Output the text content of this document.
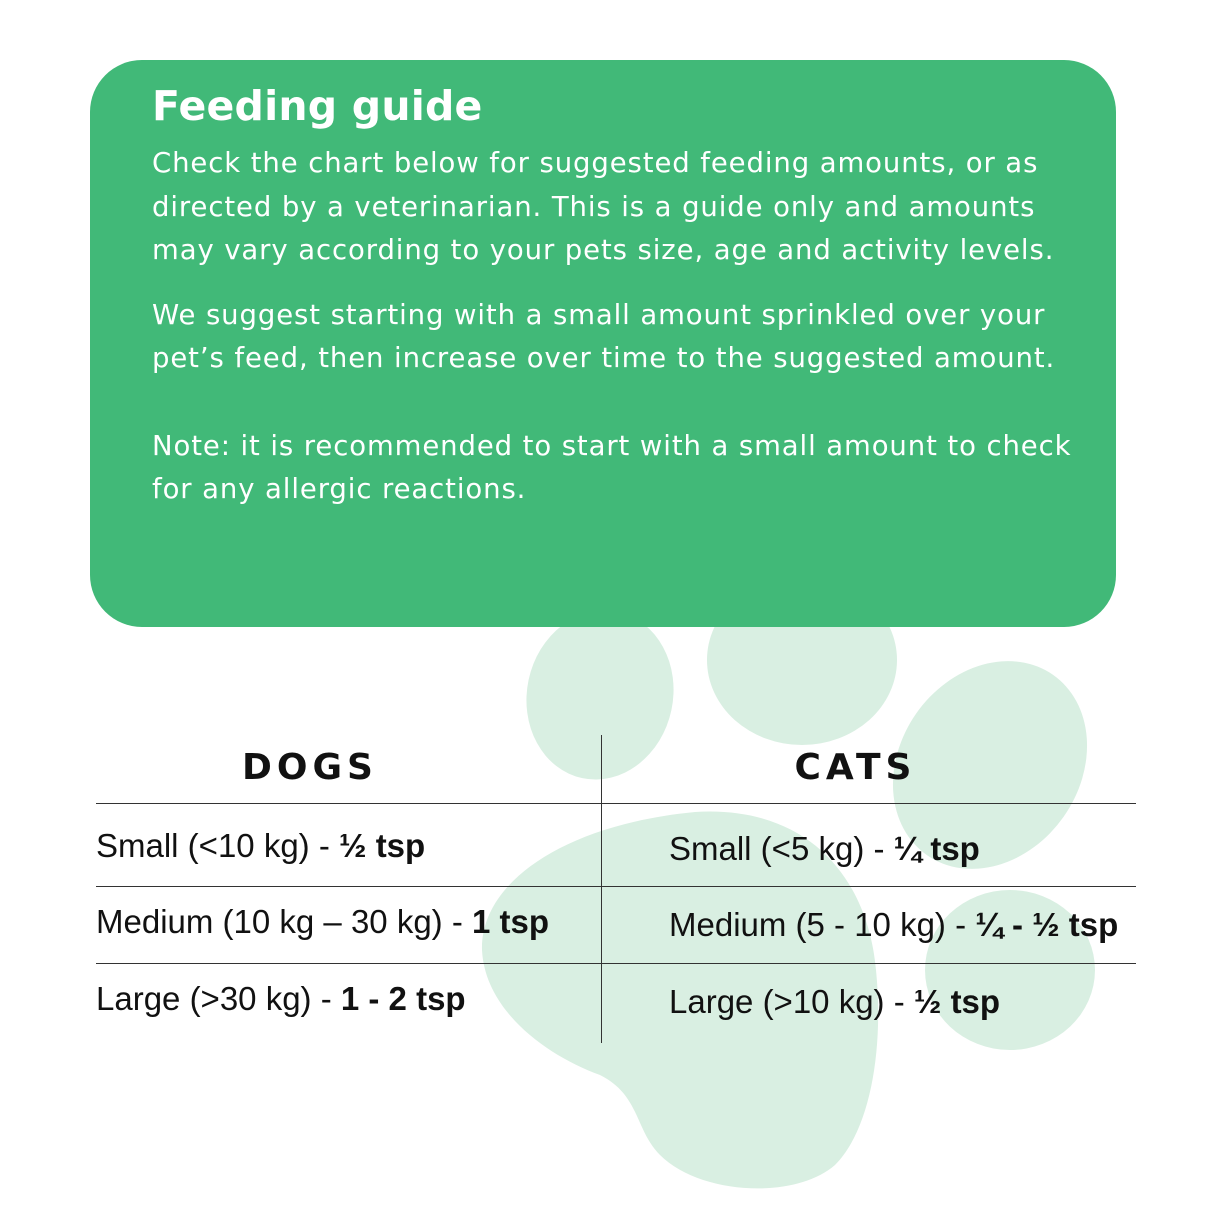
Feeding guide

Check the chart below for suggested feeding amounts, or as directed by a veterinarian. This is a guide only and amounts may vary according to your pets size, age and activity levels.

We suggest starting with a small amount sprinkled over your pet’s feed, then increase over time to the suggested amount.

Note: it is recommended to start with a small amount to check for any allergic reactions.

DOGS	CATS
Small (<10 kg) - ½ tsp
Medium (10 kg – 30 kg) - 1 tsp
Large (>30 kg) - 1 - 2 tsp
Small (<5 kg) - ¼ tsp
Medium (5 - 10 kg) - ¼ - ½ tsp
Large (>10 kg) - ½ tsp
